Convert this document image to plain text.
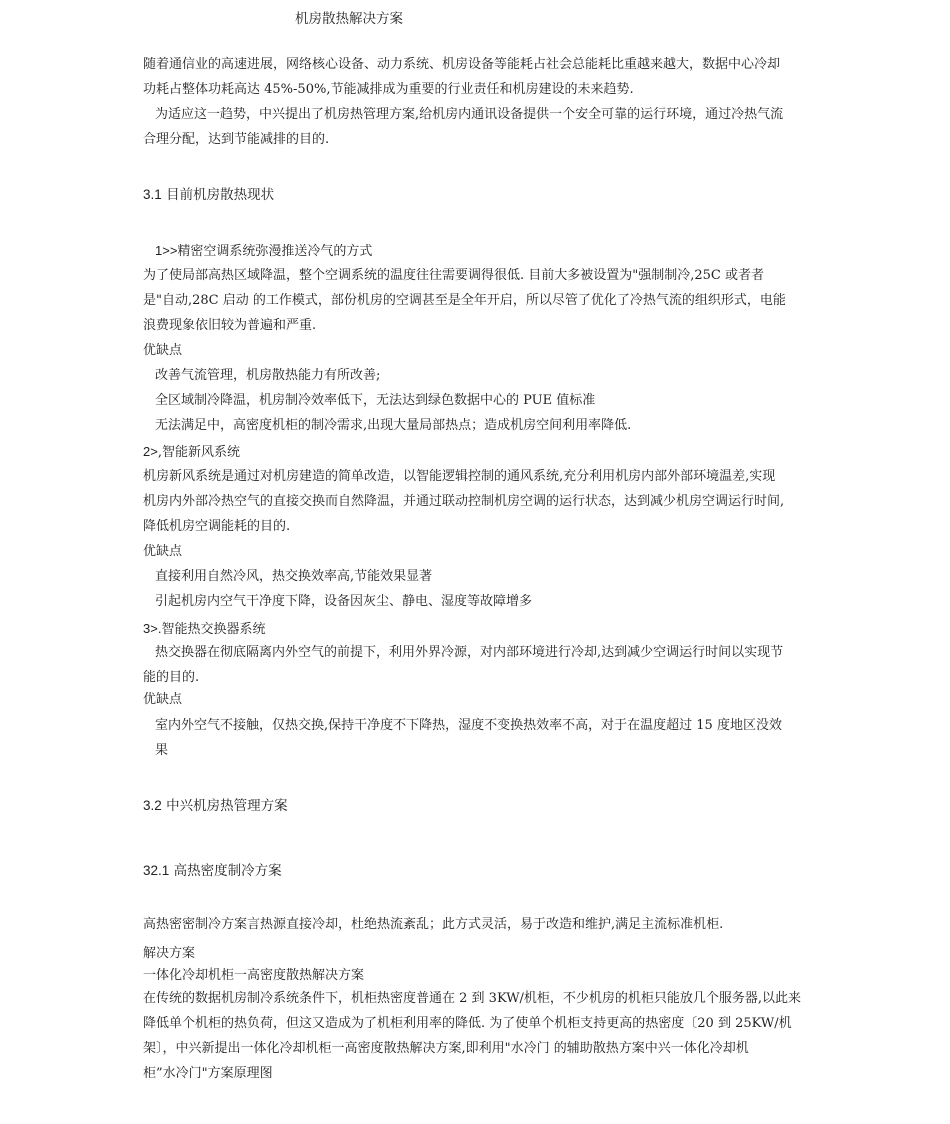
机房散热解决方案
随着通信业的高速进展，网络核心设备、动力系统、机房设备等能耗占社会总能耗比重越来越大，数据中心冷却
功耗占整体功耗高达 45%-50%,节能减排成为重要的行业责任和机房建设的未来趋势.
为适应这一趋势，中兴提出了机房热管理方案,给机房内通讯设备提供一个安全可靠的运行环境，通过冷热气流
合理分配，达到节能减排的目的.
3.1 目前机房散热现状
1>>精密空调系统弥漫推送冷气的方式
为了使局部高热区域降温，整个空调系统的温度往往需要调得很低. 目前大多被设置为"强制制冷,25C 或者者
是"自动,28C 启动 的工作模式，部份机房的空调甚至是全年开启，所以尽管了优化了冷热气流的组织形式，电能
浪费现象依旧较为普遍和严重.
优缺点
改善气流管理，机房散热能力有所改善;
全区域制冷降温，机房制冷效率低下，无法达到绿色数据中心的 PUE 值标准
无法满足中，高密度机柜的制冷需求,出现大量局部热点；造成机房空间利用率降低.
2>,智能新风系统
机房新风系统是通过对机房建造的简单改造，以智能逻辑控制的通风系统,充分利用机房内部外部环境温差,实现
机房内外部冷热空气的直接交换而自然降温，并通过联动控制机房空调的运行状态，达到减少机房空调运行时间,
降低机房空调能耗的目的.
优缺点
直接利用自然冷风，热交换效率高,节能效果显著
引起机房内空气干净度下降，设备因灰尘、静电、湿度等故障增多
3>.智能热交换器系统
热交换器在彻底隔离内外空气的前提下，利用外界冷源，对内部环境进行冷却,达到减少空调运行时间以实现节
能的目的.
优缺点
室内外空气不接触，仅热交换,保持干净度不下降热，湿度不变换热效率不高，对于在温度超过 15 度地区没效
果
3.2 中兴机房热管理方案
32.1 高热密度制冷方案
高热密密制冷方案言热源直接冷却，杜绝热流紊乱；此方式灵活，易于改造和维护,满足主流标准机柜.
解决方案
一体化冷却机柜一高密度散热解决方案
在传统的数据机房制冷系统条件下，机柜热密度普通在 2 到 3KW/机柜，不少机房的机柜只能放几个服务器,以此来
降低单个机柜的热负荷，但这又造成为了机柜利用率的降低. 为了使单个机柜支持更高的热密度〔20 到 25KW/机
架〕，中兴新提出一体化冷却机柜一高密度散热解决方案,即利用"水冷门 的辅助散热方案中兴一体化冷却机
柜”水冷门"方案原理图
